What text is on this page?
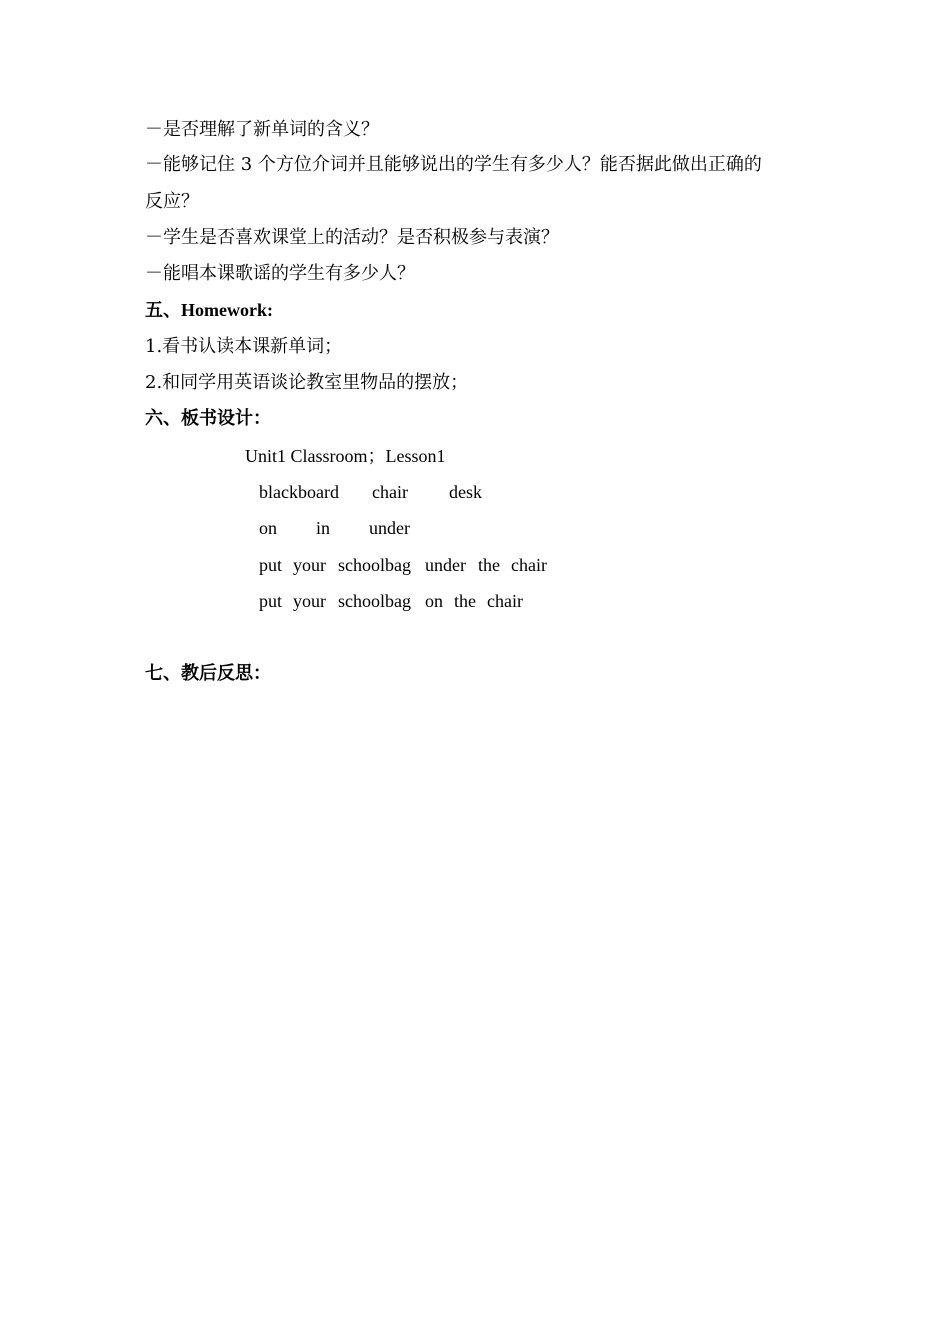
－是否理解了新单词的含义？
－能够记住 3 个方位介词并且能够说出的学生有多少人？能否据此做出正确的
反应？
－学生是否喜欢课堂上的活动？是否积极参与表演？
－能唱本课歌谣的学生有多少人？
五、Homework:
1.看书认读本课新单词；
2.和同学用英语谈论教室里物品的摆放；
六、板书设计：
Unit1 Classroom；Lesson1
blackboard chair desk
on in under
put your schoolbag under the chair
put your schoolbag on the chair
七、教后反思：
